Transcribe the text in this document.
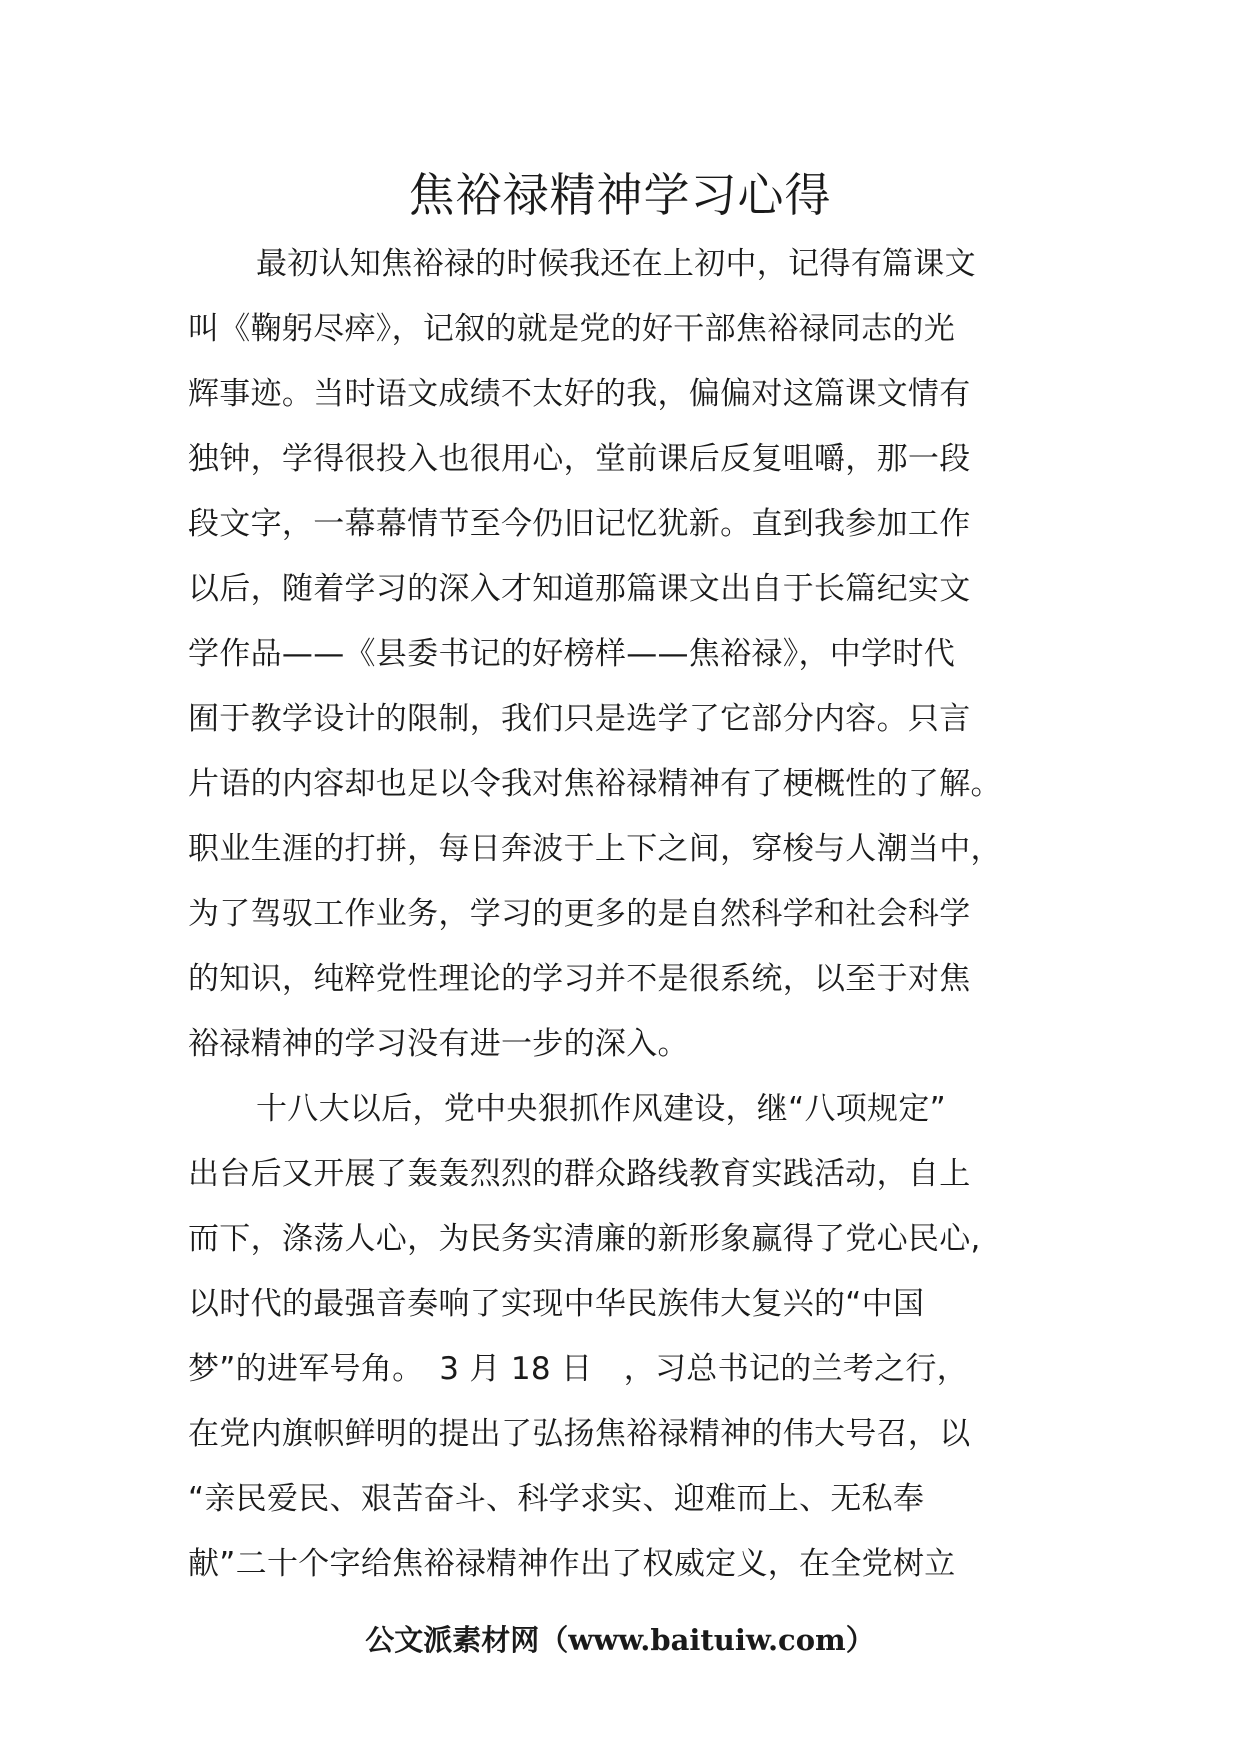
焦裕禄精神学习心得
最初认知焦裕禄的时候我还在上初中，记得有篇课文
叫《鞠躬尽瘁》，记叙的就是党的好干部焦裕禄同志的光
辉事迹。当时语文成绩不太好的我，偏偏对这篇课文情有
独钟，学得很投入也很用心，堂前课后反复咀嚼，那一段
段文字，一幕幕情节至今仍旧记忆犹新。直到我参加工作
以后，随着学习的深入才知道那篇课文出自于长篇纪实文
学作品——《县委书记的好榜样——焦裕禄》，中学时代
囿于教学设计的限制，我们只是选学了它部分内容。只言
片语的内容却也足以令我对焦裕禄精神有了梗概性的了解。
职业生涯的打拼，每日奔波于上下之间，穿梭与人潮当中，
为了驾驭工作业务，学习的更多的是自然科学和社会科学
的知识，纯粹党性理论的学习并不是很系统，以至于对焦
裕禄精神的学习没有进一步的深入。
十八大以后，党中央狠抓作风建设，继“八项规定”
出台后又开展了轰轰烈烈的群众路线教育实践活动，自上
而下，涤荡人心，为民务实清廉的新形象赢得了党心民心,
以时代的最强音奏响了实现中华民族伟大复兴的“中国
梦”的进军号角。　3 月 18 日　，习总书记的兰考之行，
在党内旗帜鲜明的提出了弘扬焦裕禄精神的伟大号召，以
“亲民爱民、艰苦奋斗、科学求实、迎难而上、无私奉
献”二十个字给焦裕禄精神作出了权威定义，在全党树立
公文派素材网（www.baituiw.com）
